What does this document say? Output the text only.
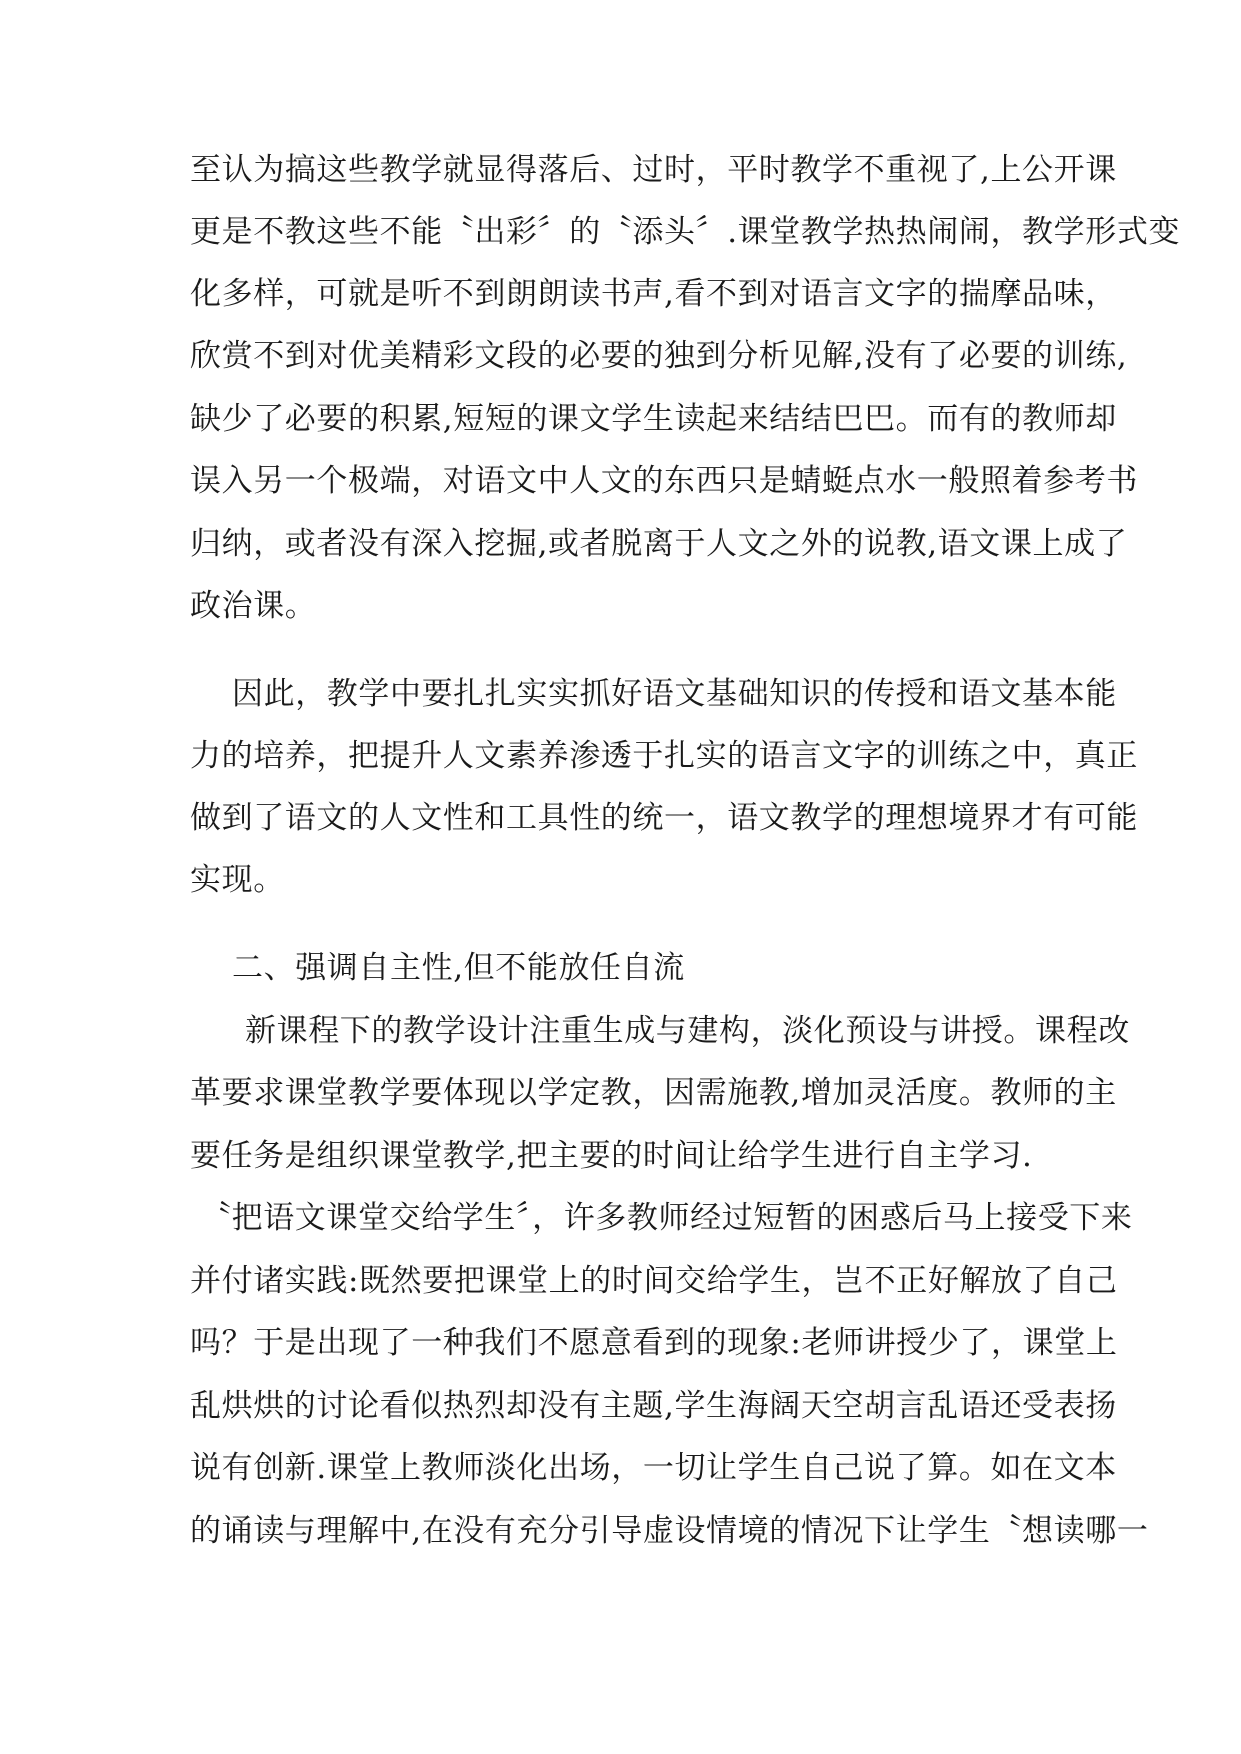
至认为搞这些教学就显得落后、过时，平时教学不重视了,上公开课

更是不教这些不能〝出彩〞的〝添头〞.课堂教学热热闹闹，教学形式变

化多样，可就是听不到朗朗读书声,看不到对语言文字的揣摩品味，

欣赏不到对优美精彩文段的必要的独到分析见解,没有了必要的训练,

缺少了必要的积累,短短的课文学生读起来结结巴巴。而有的教师却

误入另一个极端，对语文中人文的东西只是蜻蜓点水一般照着参考书

归纳，或者没有深入挖掘,或者脱离于人文之外的说教,语文课上成了

政治课。

因此，教学中要扎扎实实抓好语文基础知识的传授和语文基本能

力的培养，把提升人文素养渗透于扎实的语言文字的训练之中，真正

做到了语文的人文性和工具性的统一，语文教学的理想境界才有可能

实现。

二、强调自主性,但不能放任自流

新课程下的教学设计注重生成与建构，淡化预设与讲授。课程改

革要求课堂教学要体现以学定教，因需施教,增加灵活度。教师的主

要任务是组织课堂教学,把主要的时间让给学生进行自主学习.

〝把语文课堂交给学生〞，许多教师经过短暂的困惑后马上接受下来

并付诸实践:既然要把课堂上的时间交给学生，岂不正好解放了自己

吗？于是出现了一种我们不愿意看到的现象:老师讲授少了，课堂上

乱烘烘的讨论看似热烈却没有主题,学生海阔天空胡言乱语还受表扬

说有创新.课堂上教师淡化出场，一切让学生自己说了算。如在文本

的诵读与理解中,在没有充分引导虚设情境的情况下让学生〝想读哪一
